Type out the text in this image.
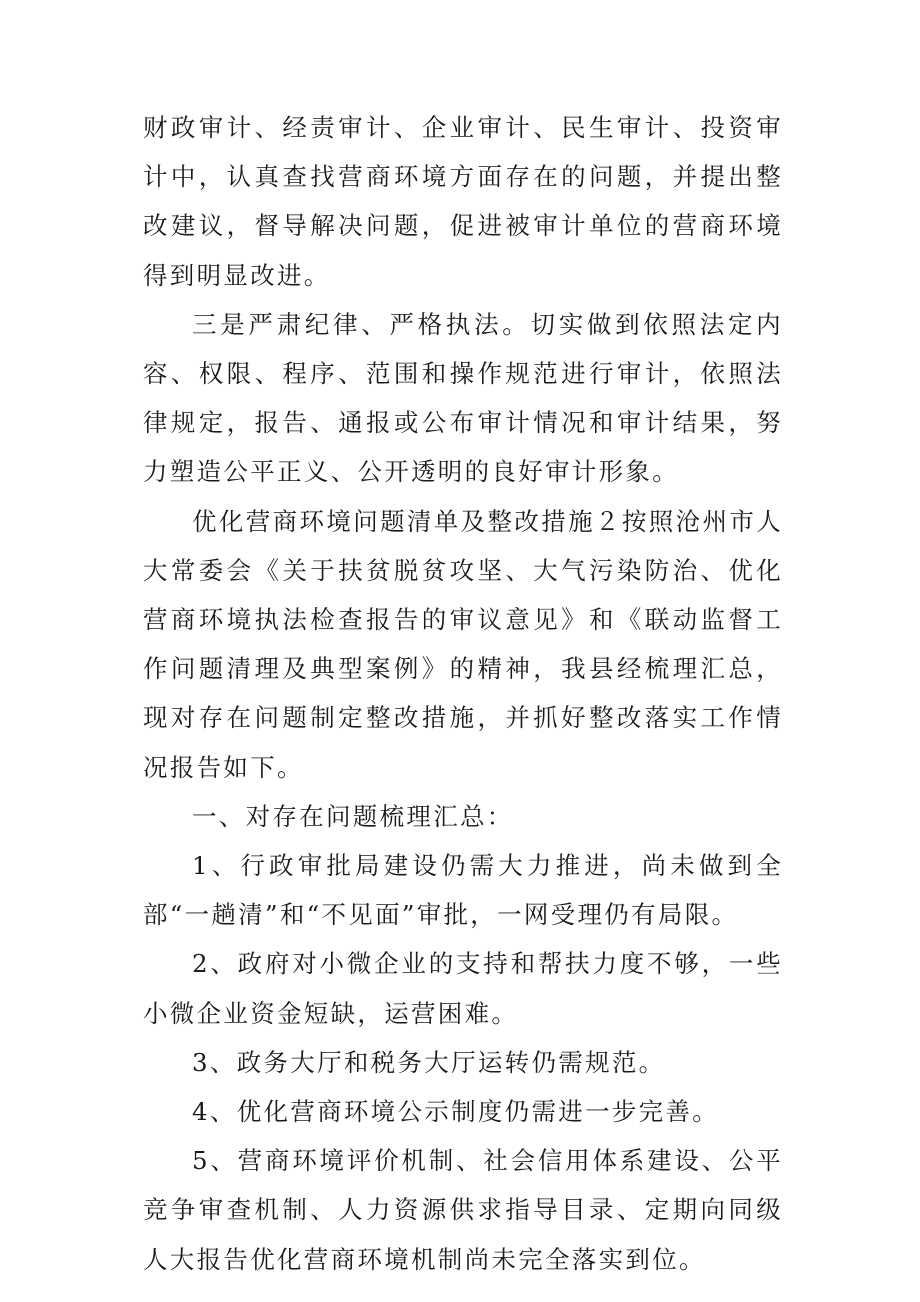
财政审计、经责审计、企业审计、民生审计、投资审计中，认真查找营商环境方面存在的问题，并提出整改建议，督导解决问题，促进被审计单位的营商环境得到明显改进。

三是严肃纪律、严格执法。切实做到依照法定内容、权限、程序、范围和操作规范进行审计，依照法律规定，报告、通报或公布审计情况和审计结果，努力塑造公平正义、公开透明的良好审计形象。

优化营商环境问题清单及整改措施２按照沧州市人大常委会《关于扶贫脱贫攻坚、大气污染防治、优化营商环境执法检查报告的审议意见》和《联动监督工作问题清理及典型案例》的精神，我县经梳理汇总，现对存在问题制定整改措施，并抓好整改落实工作情况报告如下。

一、对存在问题梳理汇总：

1、行政审批局建设仍需大力推进，尚未做到全部“一趟清”和“不见面”审批，一网受理仍有局限。

2、政府对小微企业的支持和帮扶力度不够，一些小微企业资金短缺，运营困难。

3、政务大厅和税务大厅运转仍需规范。

4、优化营商环境公示制度仍需进一步完善。

5、营商环境评价机制、社会信用体系建设、公平竞争审查机制、人力资源供求指导目录、定期向同级人大报告优化营商环境机制尚未完全落实到位。
